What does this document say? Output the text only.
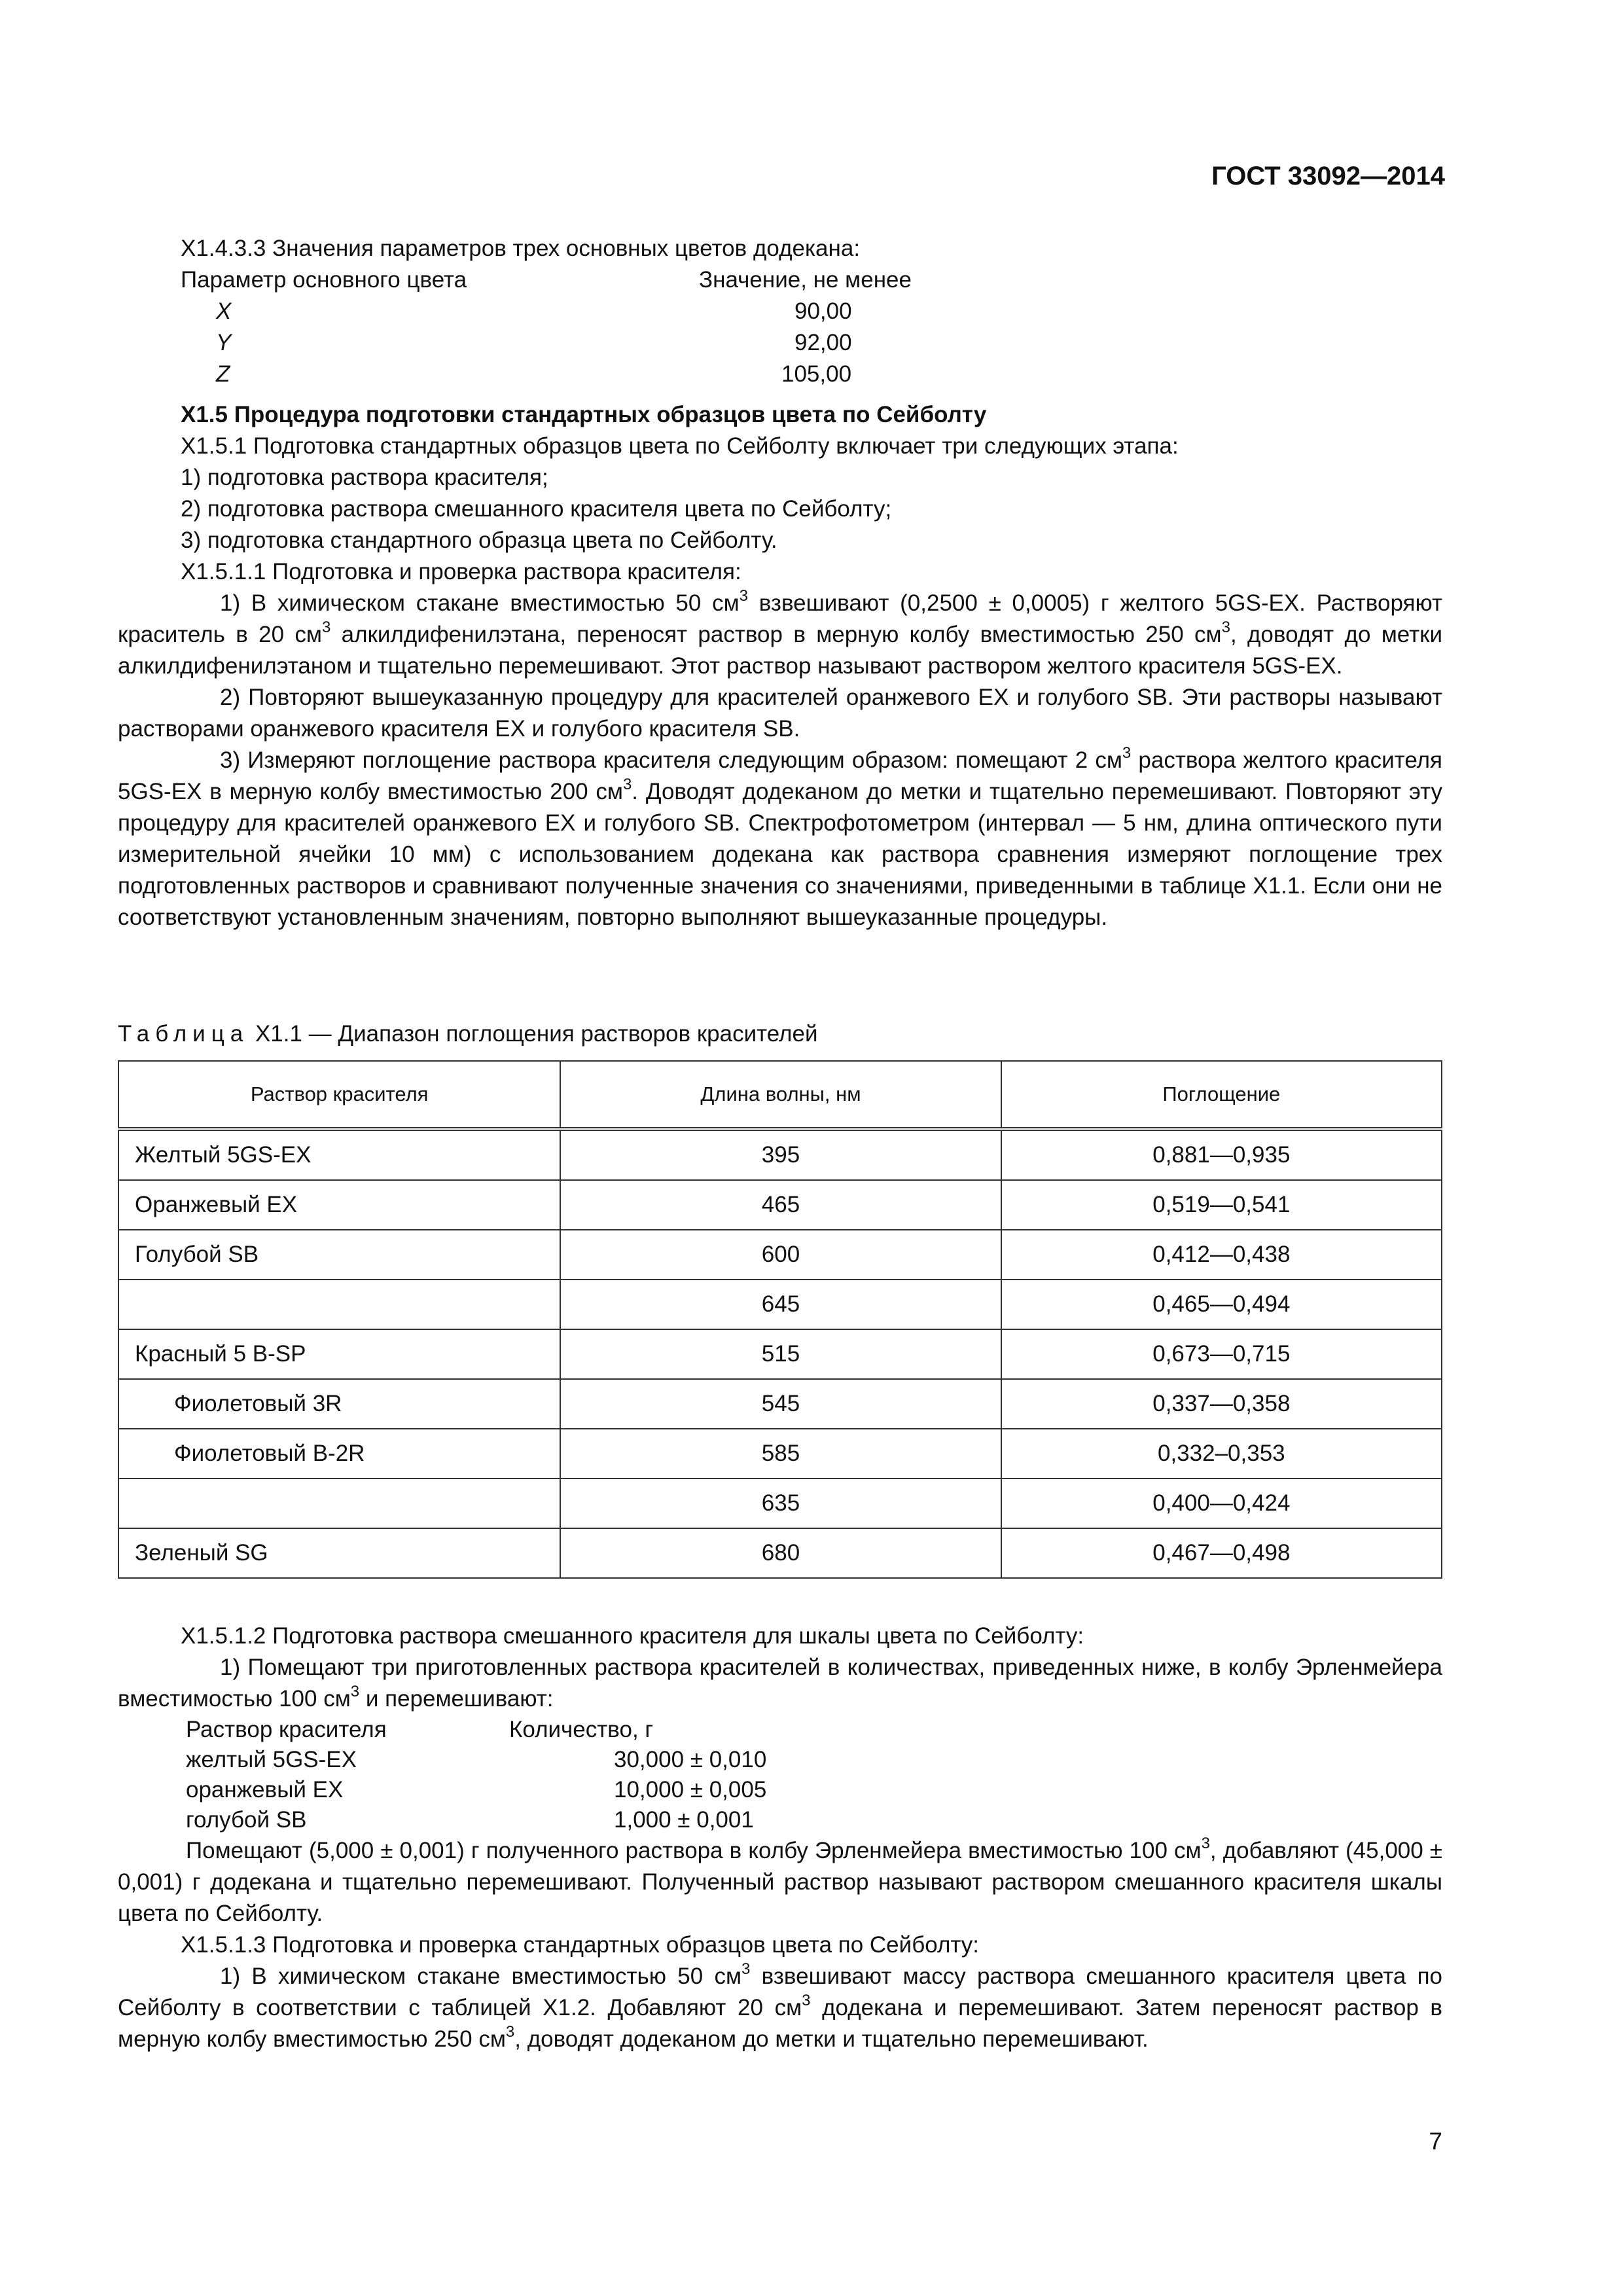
ГОСТ 33092—2014

X1.4.3.3 Значения параметров трех основных цветов додекана:

Параметр основного цвета	Значение, не менее
X	90,00
Y	92,00
Z	105,00

X1.5 Процедура подготовки стандартных образцов цвета по Сейболту

X1.5.1 Подготовка стандартных образцов цвета по Сейболту включает три следующих этапа:

1) подготовка раствора красителя;

2) подготовка раствора смешанного красителя цвета по Сейболту;

3) подготовка стандартного образца цвета по Сейболту.

X1.5.1.1 Подготовка и проверка раствора красителя:

1) В химическом стакане вместимостью 50 $см^3$ взвешивают (0,2500 ± 0,0005) г желтого 5GS-EX. Растворяют краситель в 20 $см^3$ алкилдифенилэтана, переносят раствор в мерную колбу вместимостью 250 $см^3$, доводят до метки алкилдифенилэтаном и тщательно перемешивают. Этот раствор называют раствором желтого красителя 5GS-EX.

2) Повторяют вышеуказанную процедуру для красителей оранжевого EX и голубого SB. Эти растворы называют растворами оранжевого красителя EX и голубого красителя SB.

3) Измеряют поглощение раствора красителя следующим образом: помещают 2 $см^3$ раствора желтого красителя 5GS-EX в мерную колбу вместимостью 200 $см^3$. Доводят додеканом до метки и тщательно перемешивают. Повторяют эту процедуру для красителей оранжевого EX и голубого SB. Спектрофотометром (интервал — 5 нм, длина оптического пути измерительной ячейки 10 мм) с использованием додекана как раствора сравнения измеряют поглощение трех подготовленных растворов и сравнивают полученные значения со значениями, приведенными в таблице X1.1. Если они не соответствуют установленным значениям, повторно выполняют вышеуказанные процедуры.

Таблица X1.1 — Диапазон поглощения растворов красителей
Раствор красителя	Длина волны, нм	Поглощение
Желтый 5GS-EX	395	0,881—0,935
Оранжевый EX	465	0,519—0,541
Голубой SB	600	0,412—0,438
	645	0,465—0,494
Красный 5 B-SP	515	0,673—0,715
Фиолетовый 3R	545	0,337—0,358
Фиолетовый B-2R	585	0,332–0,353
	635	0,400—0,424
Зеленый SG	680	0,467—0,498

X1.5.1.2 Подготовка раствора смешанного красителя для шкалы цвета по Сейболту:

1) Помещают три приготовленных раствора красителей в количествах, приведенных ниже, в колбу Эрленмейера вместимостью 100 $см^3$ и перемешивают:

Раствор красителя	Количество, г
желтый 5GS-EX	30,000 ± 0,010
оранжевый EX	10,000 ± 0,005
голубой SB	1,000 ± 0,001

Помещают (5,000 ± 0,001) г полученного раствора в колбу Эрленмейера вместимостью 100 $см^3$, добавляют (45,000 ± 0,001) г додекана и тщательно перемешивают. Полученный раствор называют раствором смешанного красителя шкалы цвета по Сейболту.

X1.5.1.3 Подготовка и проверка стандартных образцов цвета по Сейболту:

1) В химическом стакане вместимостью 50 $см^3$ взвешивают массу раствора смешанного красителя цвета по Сейболту в соответствии с таблицей X1.2. Добавляют 20 $см^3$ додекана и перемешивают. Затем переносят раствор в мерную колбу вместимостью 250 $см^3$, доводят додеканом до метки и тщательно перемешивают.

7
